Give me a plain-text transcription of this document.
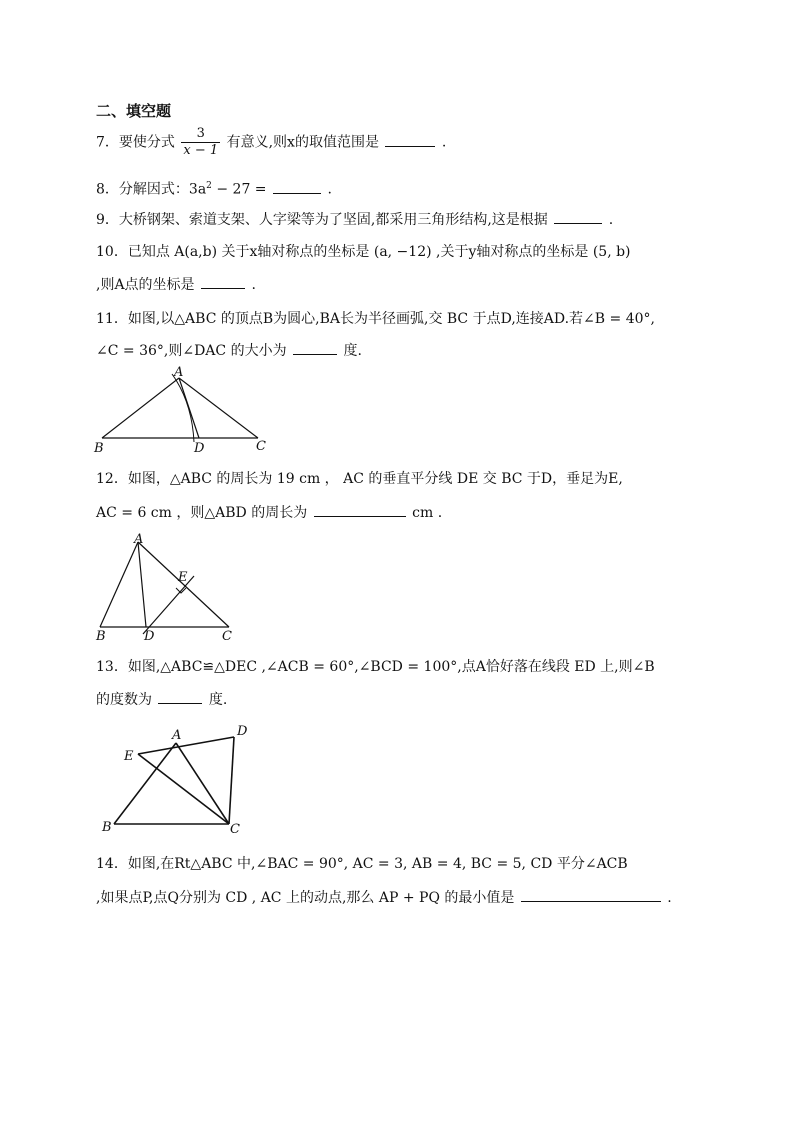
二、填空题
7．要使分式 $\frac{3}{x - 1}$ 有意义,则x的取值范围是	.
8．分解因式：$3a^2 - 27$ =	.
9．大桥钢架、索道支架、人字梁等为了坚固,都采用三角形结构,这是根据	.
10．已知点 A(a,b) 关于x轴对称点的坐标是 (a, −12) ,关于y轴对称点的坐标是 (5, b)
,则A点的坐标是	.
11．如图,以△ABC 的顶点B为圆心,BA长为半径画弧,交 BC 于点D,连接AD.若∠B = 40°,
∠C = 36°,则∠DAC 的大小为	度.
A
B	D	C
12．如图，△ABC 的周长为 19 cm ， AC 的垂直平分线 DE 交 BC 于D，垂足为E,
AC = 6 cm ，则△ABD 的周长为	cm .
A
E
B	D	C
13．如图,△ABC≌△DEC ,∠ACB = 60°,∠BCD = 100°,点A恰好落在线段 ED 上,则∠B
的度数为	度.
A	D
E
B	C
14．如图,在Rt△ABC 中,∠BAC = 90°, AC = 3, AB = 4, BC = 5, CD 平分∠ACB
,如果点P,点Q分别为 CD , AC 上的动点,那么 AP + PQ 的最小值是	.
